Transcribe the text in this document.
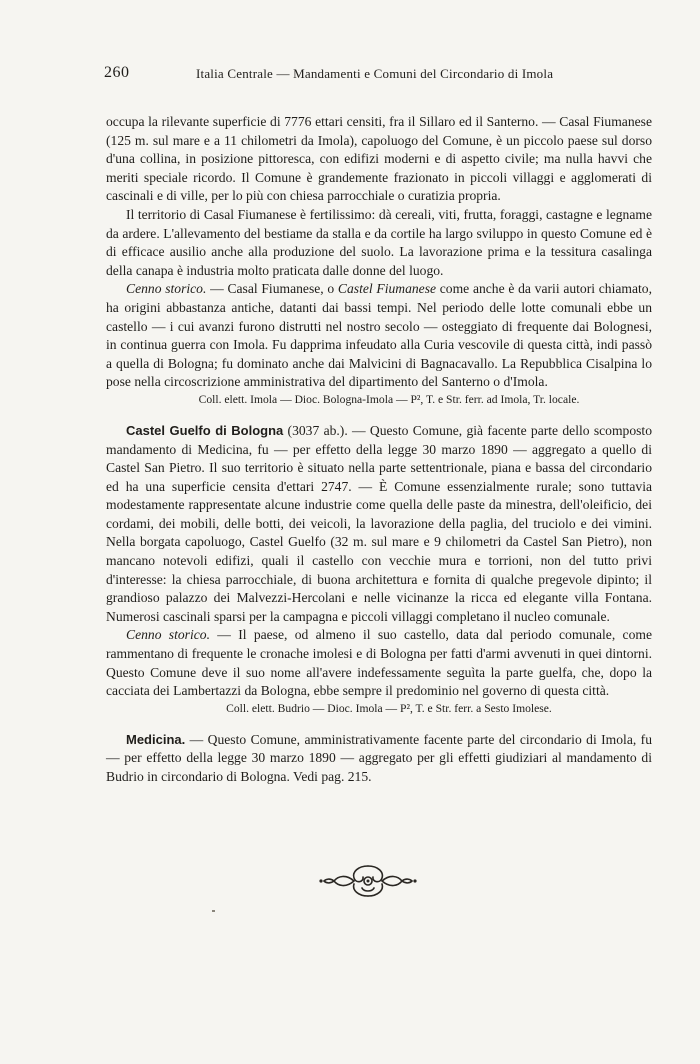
260	Italia Centrale — Mandamenti e Comuni del Circondario di Imola

occupa la rilevante superficie di 7776 ettari censiti, fra il Sillaro ed il Santerno. — Casal Fiumanese (125 m. sul mare e a 11 chilometri da Imola), capoluogo del Comune, è un piccolo paese sul dorso d'una collina, in posizione pittoresca, con edifizi moderni e di aspetto civile; ma nulla havvi che meriti speciale ricordo. Il Comune è grandemente frazionato in piccoli villaggi e agglomerati di cascinali e di ville, per lo più con chiesa parrocchiale o curatizia propria.

Il territorio di Casal Fiumanese è fertilissimo: dà cereali, viti, frutta, foraggi, castagne e legname da ardere. L'allevamento del bestiame da stalla e da cortile ha largo sviluppo in questo Comune ed è di efficace ausilio anche alla produzione del suolo. La lavorazione prima e la tessitura casalinga della canapa è industria molto praticata dalle donne del luogo.

Cenno storico. — Casal Fiumanese, o Castel Fiumanese come anche è da varii autori chiamato, ha origini abbastanza antiche, datanti dai bassi tempi. Nel periodo delle lotte comunali ebbe un castello — i cui avanzi furono distrutti nel nostro secolo — osteggiato di frequente dai Bolognesi, in continua guerra con Imola. Fu dapprima infeudato alla Curia vescovile di questa città, indi passò a quella di Bologna; fu dominato anche dai Malvicini di Bagnacavallo. La Repubblica Cisalpina lo pose nella circoscrizione amministrativa del dipartimento del Santerno o d'Imola.

Coll. elett. Imola — Dioc. Bologna-Imola — P², T. e Str. ferr. ad Imola, Tr. locale.

Castel Guelfo di Bologna (3037 ab.). — Questo Comune, già facente parte dello scomposto mandamento di Medicina, fu — per effetto della legge 30 marzo 1890 — aggregato a quello di Castel San Pietro. Il suo territorio è situato nella parte settentrionale, piana e bassa del circondario ed ha una superficie censita d'ettari 2747. — È Comune essenzialmente rurale; sono tuttavia modestamente rappresentate alcune industrie come quella delle paste da minestra, dell'oleificio, dei cordami, dei mobili, delle botti, dei veicoli, la lavorazione della paglia, del truciolo e dei vimini. Nella borgata capoluogo, Castel Guelfo (32 m. sul mare e 9 chilometri da Castel San Pietro), non mancano notevoli edifizi, quali il castello con vecchie mura e torrioni, non del tutto privi d'interesse: la chiesa parrocchiale, di buona architettura e fornita di qualche pregevole dipinto; il grandioso palazzo dei Malvezzi-Hercolani e nelle vicinanze la ricca ed elegante villa Fontana. Numerosi cascinali sparsi per la campagna e piccoli villaggi completano il nucleo comunale.

Cenno storico. — Il paese, od almeno il suo castello, data dal periodo comunale, come rammentano di frequente le cronache imolesi e di Bologna per fatti d'armi avvenuti in quei dintorni. Questo Comune deve il suo nome all'avere indefessamente seguìta la parte guelfa, che, dopo la cacciata dei Lambertazzi da Bologna, ebbe sempre il predominio nel governo di questa città.

Coll. elett. Budrio — Dioc. Imola — P², T. e Str. ferr. a Sesto Imolese.

Medicina. — Questo Comune, amministrativamente facente parte del circondario di Imola, fu — per effetto della legge 30 marzo 1890 — aggregato per gli effetti giudiziari al mandamento di Budrio in circondario di Bologna. Vedi pag. 215.
